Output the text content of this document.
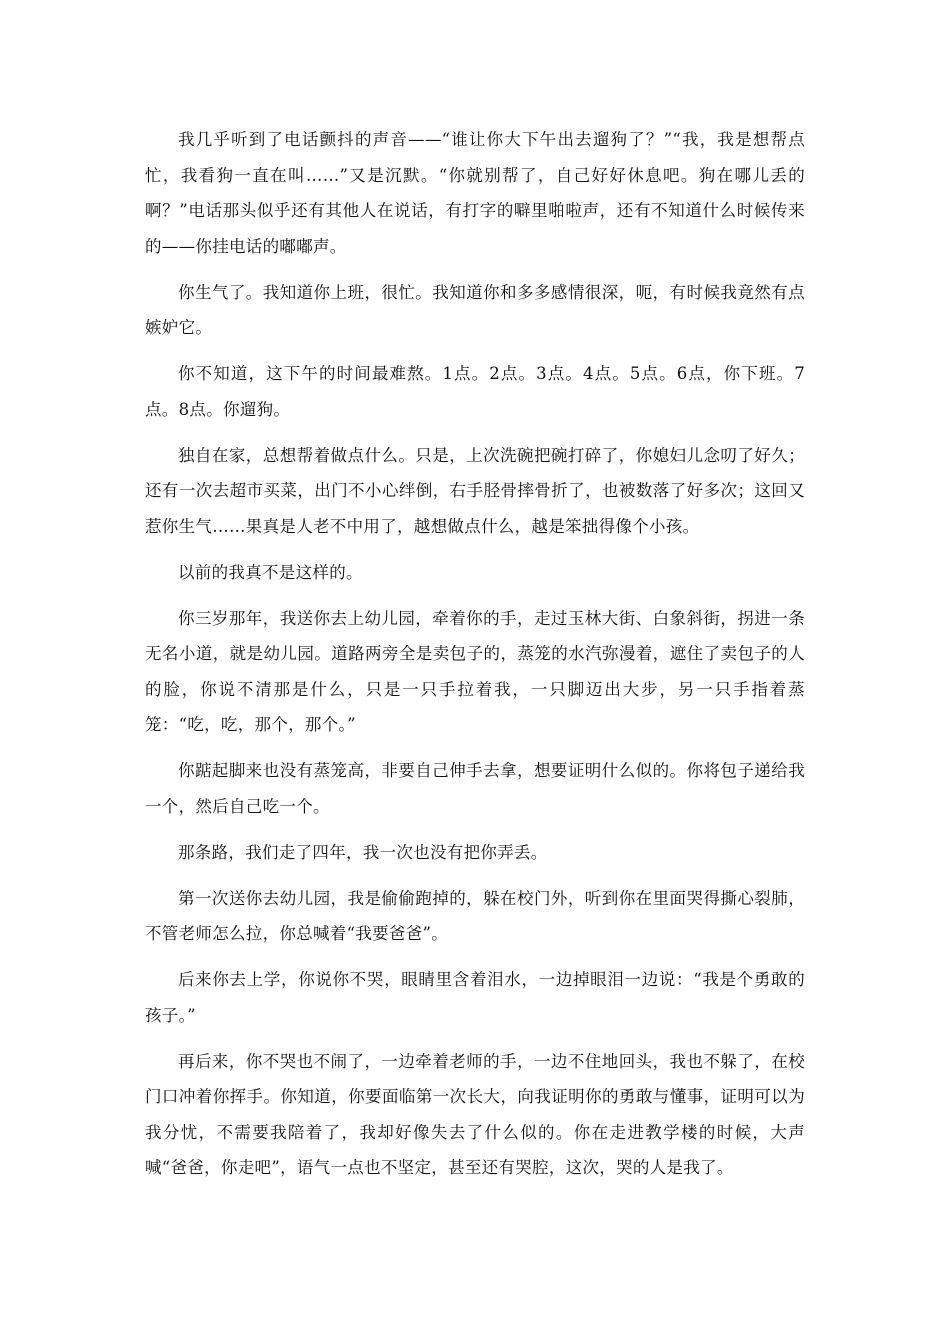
我几乎听到了电话颤抖的声音——“谁让你大下午出去遛狗了？”“我，我是想帮点忙，我看狗一直在叫……”又是沉默。“你就别帮了，自己好好休息吧。狗在哪儿丢的啊？”电话那头似乎还有其他人在说话，有打字的噼里啪啦声，还有不知道什么时候传来的——你挂电话的嘟嘟声。

你生气了。我知道你上班，很忙。我知道你和多多感情很深，呃，有时候我竟然有点嫉妒它。

你不知道，这下午的时间最难熬。1点。2点。3点。4点。5点。6点，你下班。7点。8点。你遛狗。

独自在家，总想帮着做点什么。只是，上次洗碗把碗打碎了，你媳妇儿念叨了好久；还有一次去超市买菜，出门不小心绊倒，右手胫骨摔骨折了，也被数落了好多次；这回又惹你生气……果真是人老不中用了，越想做点什么，越是笨拙得像个小孩。

以前的我真不是这样的。

你三岁那年，我送你去上幼儿园，牵着你的手，走过玉林大街、白象斜街，拐进一条无名小道，就是幼儿园。道路两旁全是卖包子的，蒸笼的水汽弥漫着，遮住了卖包子的人的脸，你说不清那是什么，只是一只手拉着我，一只脚迈出大步，另一只手指着蒸笼：“吃，吃，那个，那个。”

你踮起脚来也没有蒸笼高，非要自己伸手去拿，想要证明什么似的。你将包子递给我一个，然后自己吃一个。

那条路，我们走了四年，我一次也没有把你弄丢。

第一次送你去幼儿园，我是偷偷跑掉的，躲在校门外，听到你在里面哭得撕心裂肺，不管老师怎么拉，你总喊着“我要爸爸”。

后来你去上学，你说你不哭，眼睛里含着泪水，一边掉眼泪一边说：“我是个勇敢的孩子。”

再后来，你不哭也不闹了，一边牵着老师的手，一边不住地回头，我也不躲了，在校门口冲着你挥手。你知道，你要面临第一次长大，向我证明你的勇敢与懂事，证明可以为我分忧，不需要我陪着了，我却好像失去了什么似的。你在走进教学楼的时候，大声喊“爸爸，你走吧”，语气一点也不坚定，甚至还有哭腔，这次，哭的人是我了。
